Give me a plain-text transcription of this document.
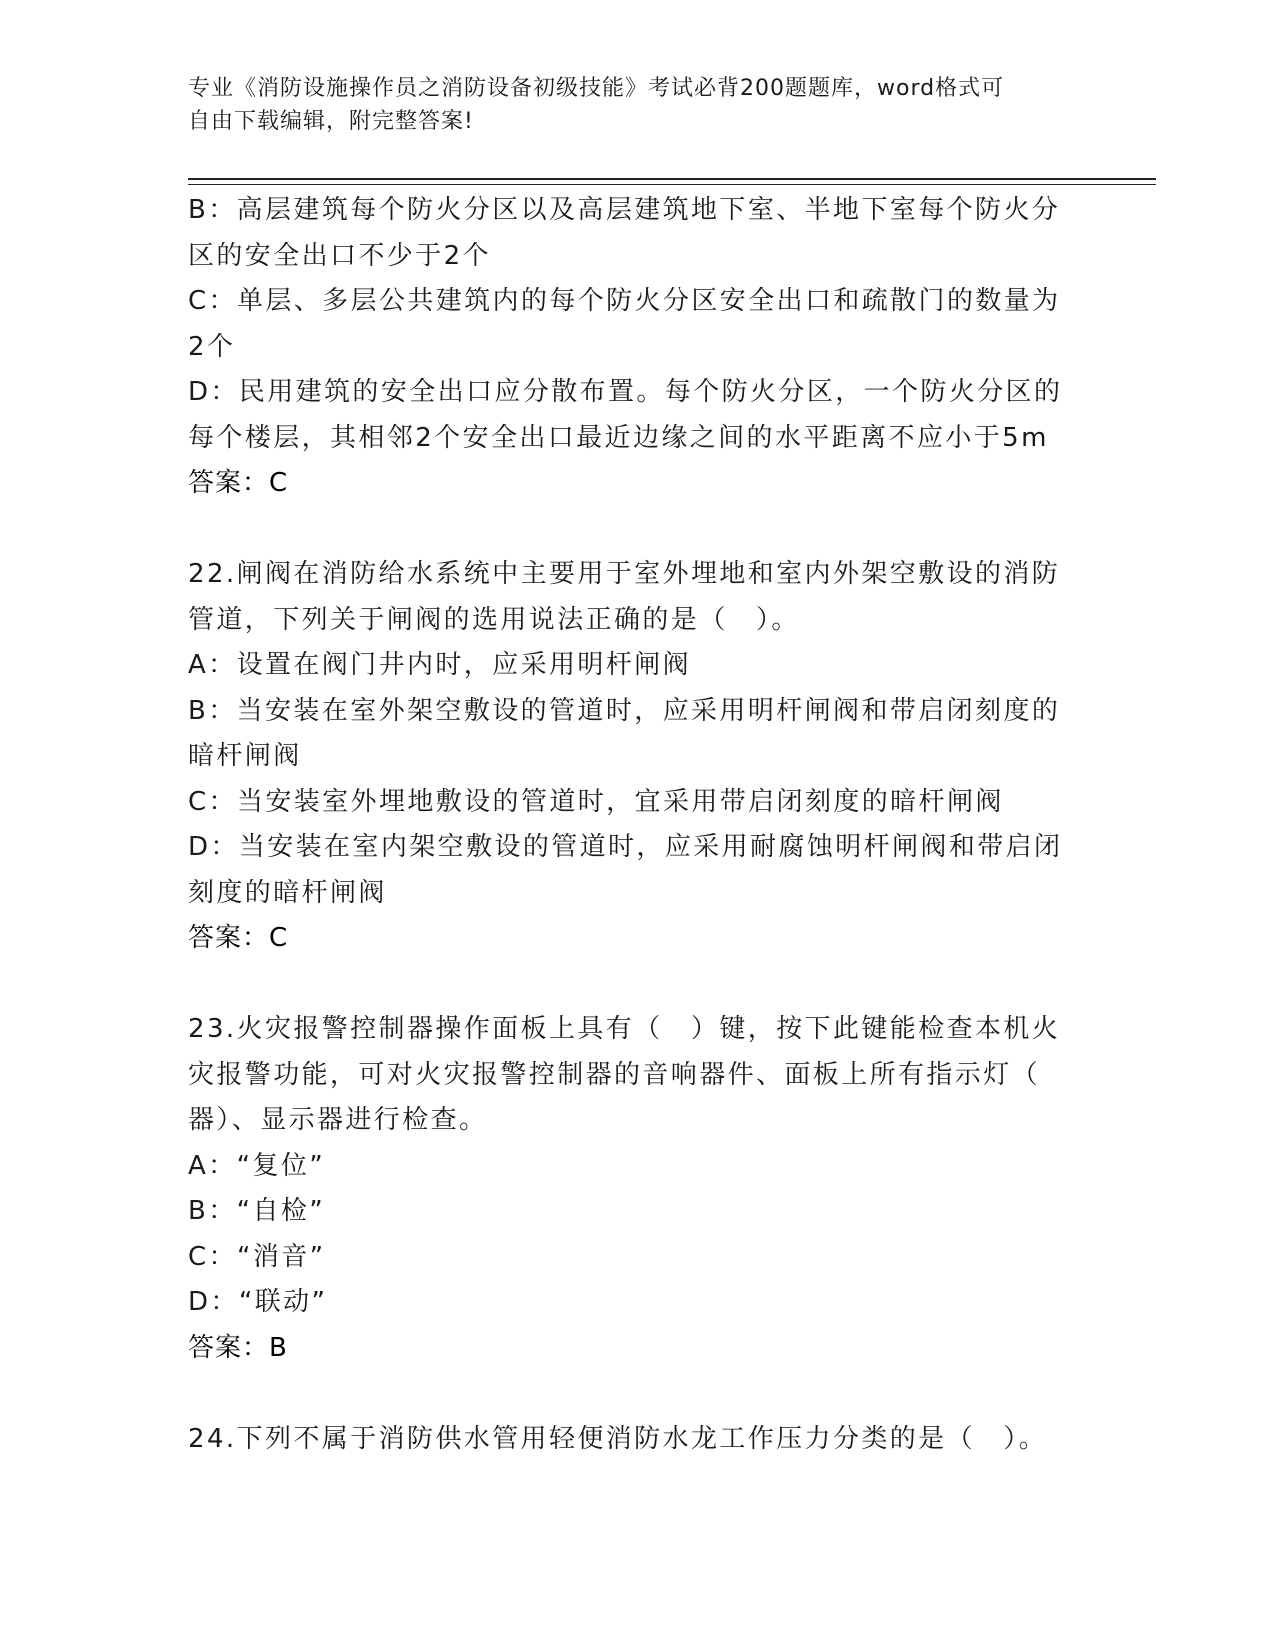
专业《消防设施操作员之消防设备初级技能》考试必背200题题库，word格式可
自由下载编辑，附完整答案!
B：高层建筑每个防火分区以及高层建筑地下室、半地下室每个防火分
区的安全出口不少于2个
C：单层、多层公共建筑内的每个防火分区安全出口和疏散门的数量为
2个
D：民用建筑的安全出口应分散布置。每个防火分区，一个防火分区的
每个楼层，其相邻2个安全出口最近边缘之间的水平距离不应小于5m
答案：C
22.闸阀在消防给水系统中主要用于室外埋地和室内外架空敷设的消防
管道，下列关于闸阀的选用说法正确的是（　）。
A：设置在阀门井内时，应采用明杆闸阀
B：当安装在室外架空敷设的管道时，应采用明杆闸阀和带启闭刻度的
暗杆闸阀
C：当安装室外埋地敷设的管道时，宜采用带启闭刻度的暗杆闸阀
D：当安装在室内架空敷设的管道时，应采用耐腐蚀明杆闸阀和带启闭
刻度的暗杆闸阀
答案：C
23.火灾报警控制器操作面板上具有（　）键，按下此键能检查本机火
灾报警功能，可对火灾报警控制器的音响器件、面板上所有指示灯（
器）、显示器进行检查。
A：“复位”
B：“自检”
C：“消音”
D：“联动”
答案：B
24.下列不属于消防供水管用轻便消防水龙工作压力分类的是（　）。
